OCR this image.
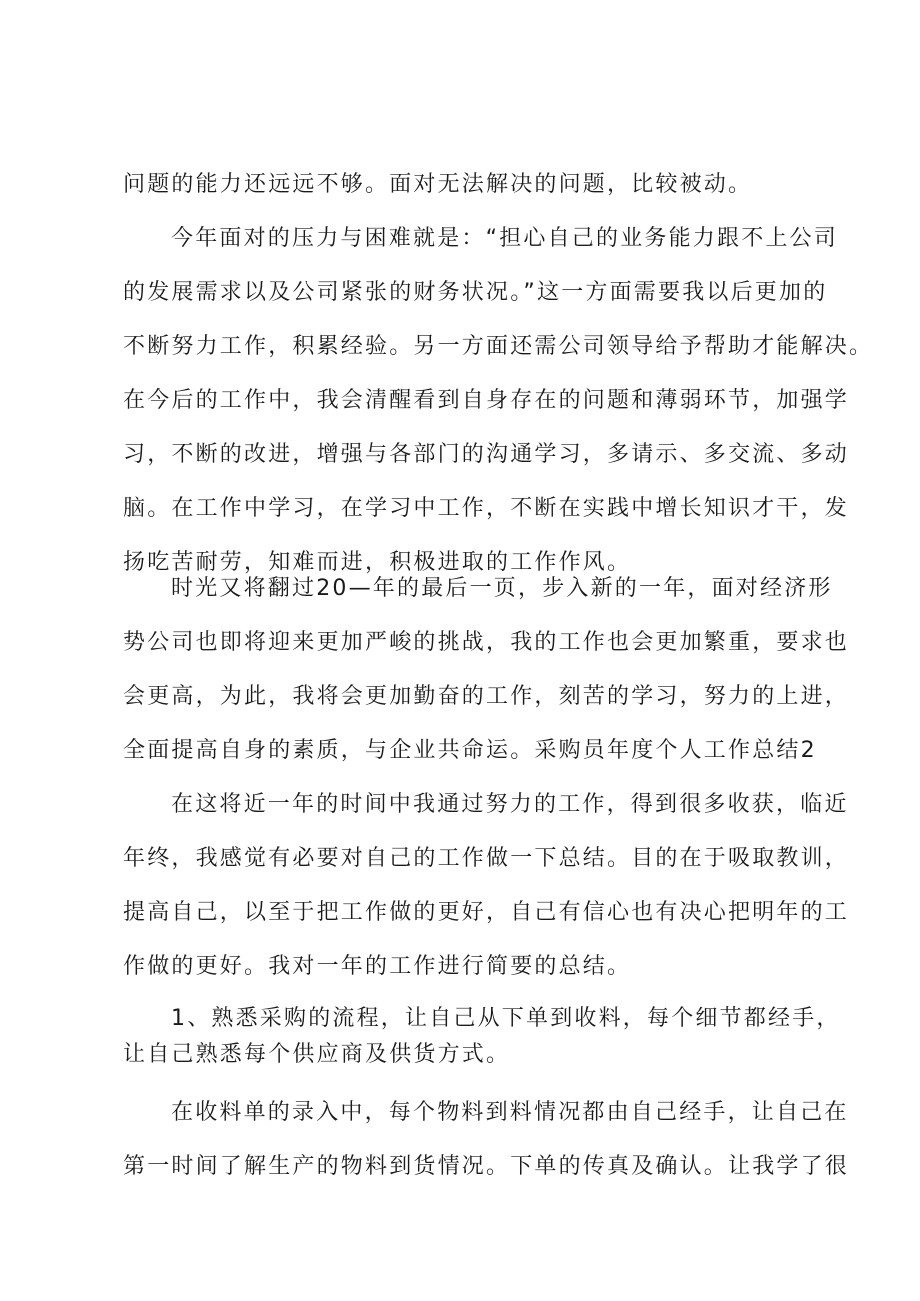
问题的能力还远远不够。面对无法解决的问题，比较被动。
今年面对的压力与困难就是：“担心自己的业务能力跟不上公司
的发展需求以及公司紧张的财务状况。”这一方面需要我以后更加的
不断努力工作，积累经验。另一方面还需公司领导给予帮助才能解决。
在今后的工作中，我会清醒看到自身存在的问题和薄弱环节，加强学
习，不断的改进，增强与各部门的沟通学习，多请示、多交流、多动
脑。在工作中学习，在学习中工作，不断在实践中增长知识才干，发
扬吃苦耐劳，知难而进，积极进取的工作作风。
时光又将翻过20—年的最后一页，步入新的一年，面对经济形
势公司也即将迎来更加严峻的挑战，我的工作也会更加繁重，要求也
会更高，为此，我将会更加勤奋的工作，刻苦的学习，努力的上进，
全面提高自身的素质，与企业共命运。采购员年度个人工作总结2
在这将近一年的时间中我通过努力的工作，得到很多收获，临近
年终，我感觉有必要对自己的工作做一下总结。目的在于吸取教训，
提高自己，以至于把工作做的更好，自己有信心也有决心把明年的工
作做的更好。我对一年的工作进行简要的总结。
1、熟悉采购的流程，让自己从下单到收料，每个细节都经手，
让自己熟悉每个供应商及供货方式。
在收料单的录入中，每个物料到料情况都由自己经手，让自己在
第一时间了解生产的物料到货情况。下单的传真及确认。让我学了很
